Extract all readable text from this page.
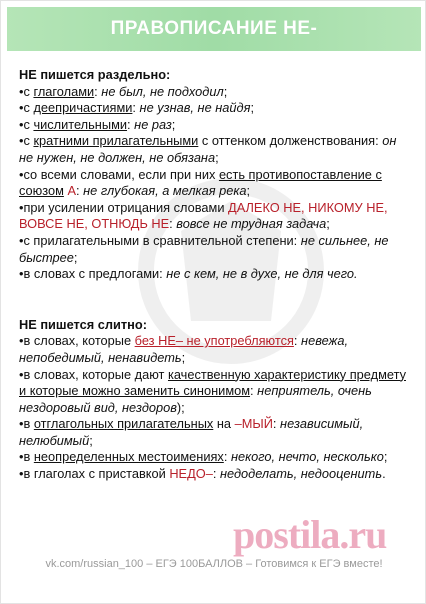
ПРАВОПИСАНИЕ НЕ-

НЕ пишется раздельно:

•с глаголами: не был, не подходил;

•с деепричастиями: не узнав, не найдя;

•с числительными: не раз;

•с кратними прилагательными с оттенком долженствования: он не нужен, не должен, не обязана;

•со всеми словами, если при них есть противопоставление с союзом А: не глубокая, а мелкая река;

•при усилении отрицания словами ДАЛЕКО НЕ, НИКОМУ НЕ, ВОВСЕ НЕ, ОТНЮДЬ НЕ: вовсе не трудная задача;

•с прилагательными в сравнительной степени: не сильнее, не быстрее;

•в словах с предлогами: не с кем, не в духе, не для чего.

НЕ пишется слитно:

•в словах, которые без НЕ– не употребляются: невежа, непобедимый, ненавидеть;

•в словах, которые дают качественную характеристику предмету и которые можно заменить синонимом: неприятель, очень нездоровый вид, нездоров);

•в отглагольных прилагательных на –МЫЙ: независимый, нелюбимый;

•в неопределенных местоимениях: некого, нечто, несколько;

•в глаголах с приставкой НЕДО–: недоделать, недооценить.

postila.ru
vk.com/russian_100 – ЕГЭ 100БАЛЛОВ – Готовимся к ЕГЭ вместе!
